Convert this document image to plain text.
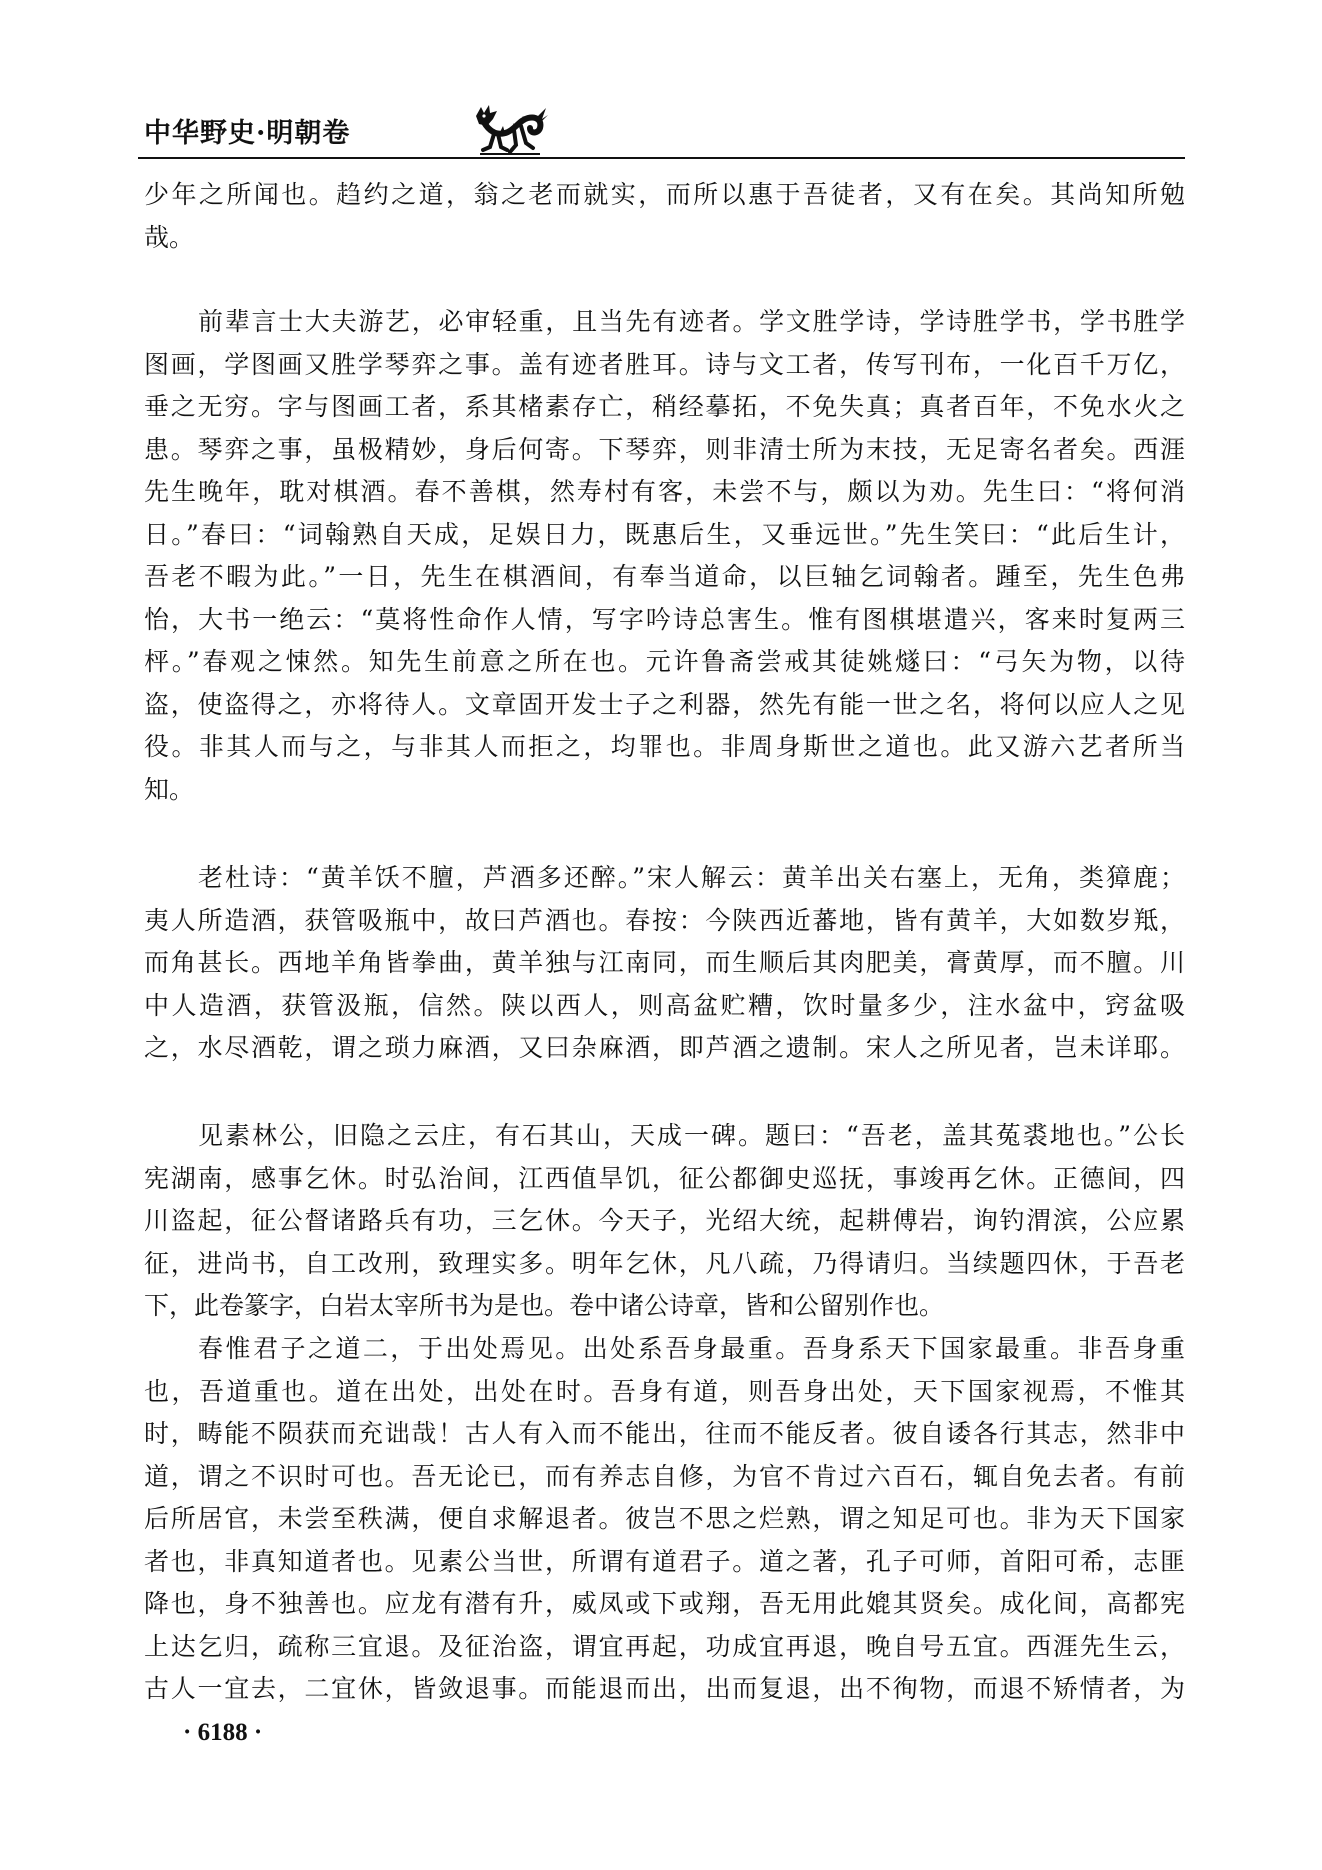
中华野史·明朝卷
少年之所闻也。趋约之道，翁之老而就实，而所以惠于吾徒者，又有在矣。其尚知所勉
哉。
前辈言士大夫游艺，必审轻重，且当先有迹者。学文胜学诗，学诗胜学书，学书胜学
图画，学图画又胜学琴弈之事。盖有迹者胜耳。诗与文工者，传写刊布，一化百千万亿，
垂之无穷。字与图画工者，系其楮素存亡，稍经摹拓，不免失真；真者百年，不免水火之
患。琴弈之事，虽极精妙，身后何寄。下琴弈，则非清士所为末技，无足寄名者矣。西涯
先生晚年，耽对棋酒。春不善棋，然寿村有客，未尝不与，颇以为劝。先生曰：“将何消
日。”春曰：“词翰熟自天成，足娱日力，既惠后生，又垂远世。”先生笑曰：“此后生计，
吾老不暇为此。”一日，先生在棋酒间，有奉当道命，以巨轴乞词翰者。踵至，先生色弗
怡，大书一绝云：“莫将性命作人情，写字吟诗总害生。惟有图棋堪遣兴，客来时复两三
枰。”春观之悚然。知先生前意之所在也。元许鲁斋尝戒其徒姚燧曰：“弓矢为物，以待
盗，使盗得之，亦将待人。文章固开发士子之利器，然先有能一世之名，将何以应人之见
役。非其人而与之，与非其人而拒之，均罪也。非周身斯世之道也。此又游六艺者所当
知。
老杜诗：“黄羊饫不膻，芦酒多还醉。”宋人解云：黄羊出关右塞上，无角，类獐鹿；
夷人所造酒，获管吸瓶中，故曰芦酒也。春按：今陕西近蕃地，皆有黄羊，大如数岁羝，
而角甚长。西地羊角皆拳曲，黄羊独与江南同，而生顺后其肉肥美，膏黄厚，而不膻。川
中人造酒，获管汲瓶，信然。陕以西人，则高盆贮糟，饮时量多少，注水盆中，窍盆吸
之，水尽酒乾，谓之琐力麻酒，又曰杂麻酒，即芦酒之遗制。宋人之所见者，岂未详耶。
见素林公，旧隐之云庄，有石其山，天成一碑。题曰：“吾老，盖其菟裘地也。”公长
宪湖南，感事乞休。时弘治间，江西值旱饥，征公都御史巡抚，事竣再乞休。正德间，四
川盗起，征公督诸路兵有功，三乞休。今天子，光绍大统，起耕傅岩，询钓渭滨，公应累
征，进尚书，自工改刑，致理实多。明年乞休，凡八疏，乃得请归。当续题四休，于吾老
下，此卷篆字，白岩太宰所书为是也。卷中诸公诗章，皆和公留别作也。
春惟君子之道二，于出处焉见。出处系吾身最重。吾身系天下国家最重。非吾身重
也，吾道重也。道在出处，出处在时。吾身有道，则吾身出处，天下国家视焉，不惟其
时，畴能不陨获而充诎哉！古人有入而不能出，往而不能反者。彼自诿各行其志，然非中
道，谓之不识时可也。吾无论已，而有养志自修，为官不肯过六百石，辄自免去者。有前
后所居官，未尝至秩满，便自求解退者。彼岂不思之烂熟，谓之知足可也。非为天下国家
者也，非真知道者也。见素公当世，所谓有道君子。道之著，孔子可师，首阳可希，志匪
降也，身不独善也。应龙有潜有升，威凤或下或翔，吾无用此媲其贤矣。成化间，高都宪
上达乞归，疏称三宜退。及征治盗，谓宜再起，功成宜再退，晚自号五宜。西涯先生云，
古人一宜去，二宜休，皆敛退事。而能退而出，出而复退，出不徇物，而退不矫情者，为
· 6188 ·
